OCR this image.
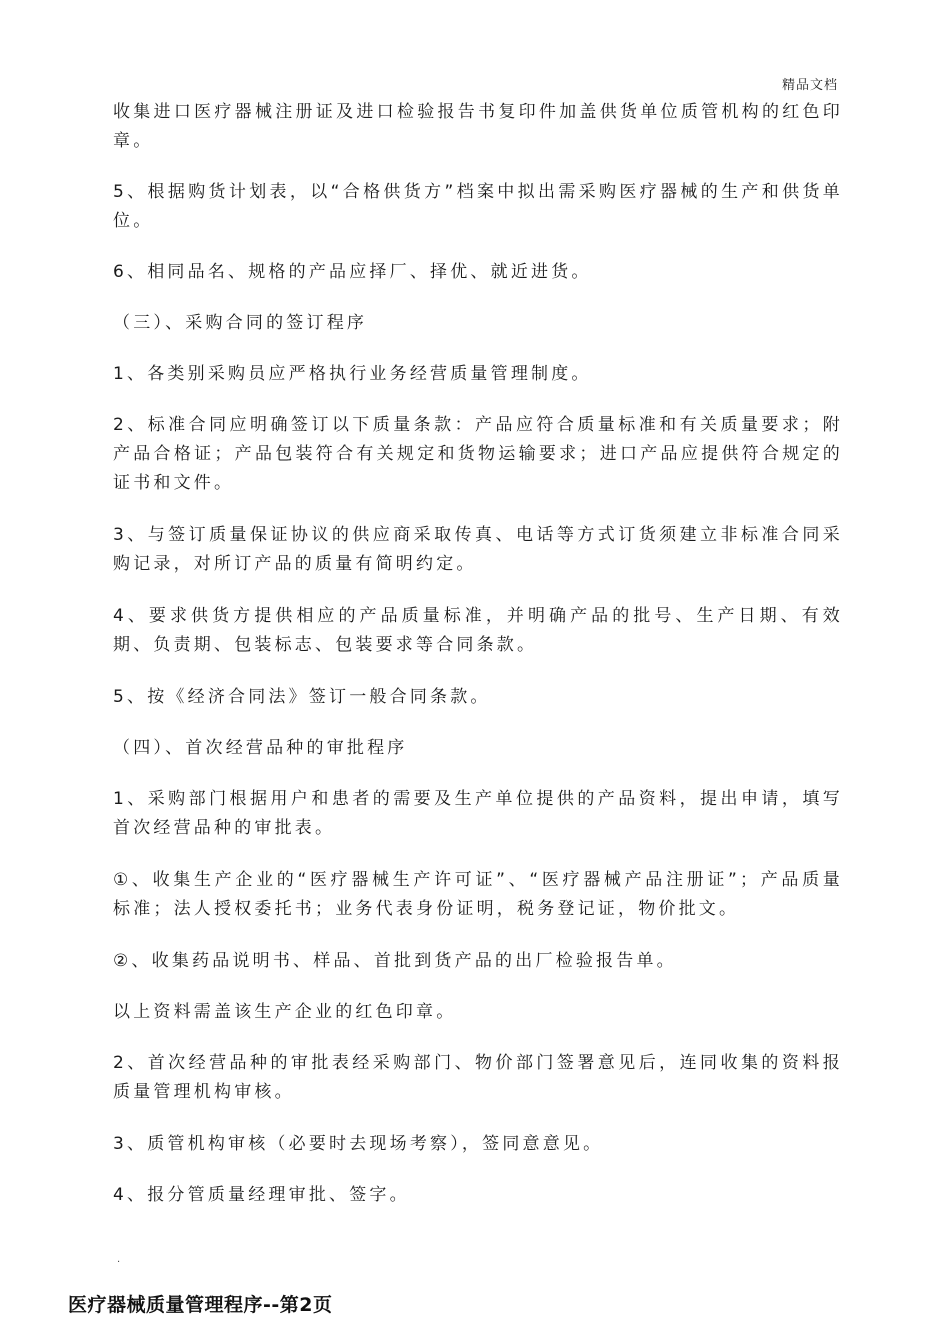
精品文档

收集进口医疗器械注册证及进口检验报告书复印件加盖供货单位质管机构的红色印章。

5、根据购货计划表，以“合格供货方”档案中拟出需采购医疗器械的生产和供货单位。

6、相同品名、规格的产品应择厂、择优、就近进货。

（三）、采购合同的签订程序

1、各类别采购员应严格执行业务经营质量管理制度。

2、标准合同应明确签订以下质量条款：产品应符合质量标准和有关质量要求；附产品合格证；产品包装符合有关规定和货物运输要求；进口产品应提供符合规定的证书和文件。

3、与签订质量保证协议的供应商采取传真、电话等方式订货须建立非标准合同采购记录，对所订产品的质量有简明约定。

4、要求供货方提供相应的产品质量标准，并明确产品的批号、生产日期、有效期、负责期、包装标志、包装要求等合同条款。

5、按《经济合同法》签订一般合同条款。

（四）、首次经营品种的审批程序

1、采购部门根据用户和患者的需要及生产单位提供的产品资料，提出申请，填写首次经营品种的审批表。

①、收集生产企业的“医疗器械生产许可证”、“医疗器械产品注册证”；产品质量标准；法人授权委托书；业务代表身份证明，税务登记证，物价批文。

②、收集药品说明书、样品、首批到货产品的出厂检验报告单。

以上资料需盖该生产企业的红色印章。

2、首次经营品种的审批表经采购部门、物价部门签署意见后，连同收集的资料报质量管理机构审核。

3、质管机构审核（必要时去现场考察），签同意意见。

4、报分管质量经理审批、签字。

.
医疗器械质量管理程序--第2页
